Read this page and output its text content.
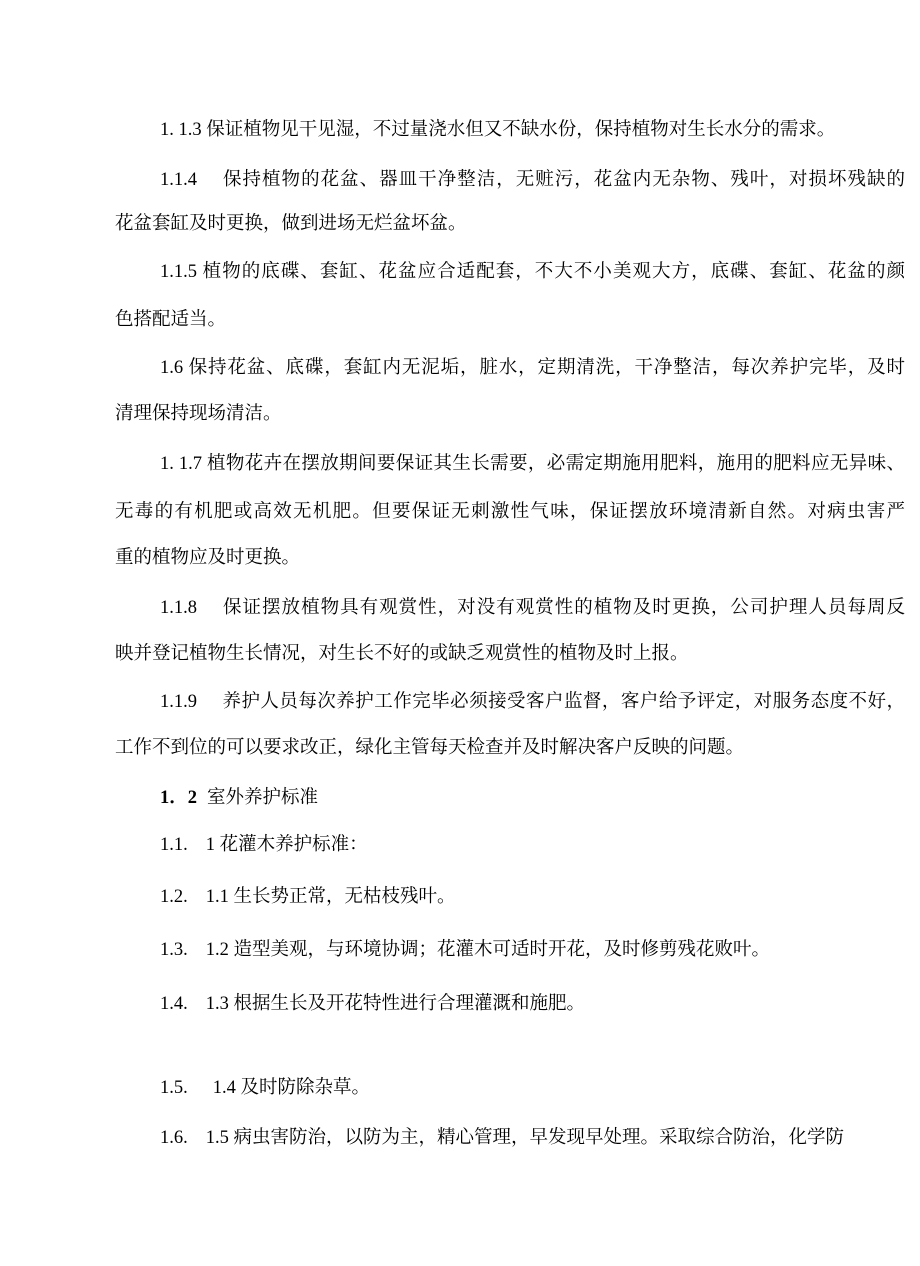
1. 1.3 保证植物见干见湿，不过量浇水但又不缺水份，保持植物对生长水分的需求。
1.1.4 保持植物的花盆、器皿干净整洁，无赃污，花盆内无杂物、残叶，对损坏残缺的
花盆套缸及时更换，做到进场无烂盆坏盆。
1.1.5 植物的底碟、套缸、花盆应合适配套，不大不小美观大方，底碟、套缸、花盆的颜
色搭配适当。
1.6 保持花盆、底碟，套缸内无泥垢，脏水，定期清洗，干净整洁，每次养护完毕，及时
清理保持现场清洁。
1. 1.7 植物花卉在摆放期间要保证其生长需要，必需定期施用肥料，施用的肥料应无异味、
无毒的有机肥或高效无机肥。但要保证无刺激性气味，保证摆放环境清新自然。对病虫害严
重的植物应及时更换。
1.1.8 保证摆放植物具有观赏性，对没有观赏性的植物及时更换，公司护理人员每周反
映并登记植物生长情况，对生长不好的或缺乏观赏性的植物及时上报。
1.1.9 养护人员每次养护工作完毕必须接受客户监督，客户给予评定，对服务态度不好，
工作不到位的可以要求改正，绿化主管每天检查并及时解决客户反映的问题。
1．2 室外养护标准
1.1. 1 花灌木养护标准：
1.2. 1.1 生长势正常，无枯枝残叶。
1.3. 1.2 造型美观，与环境协调；花灌木可适时开花，及时修剪残花败叶。
1.4. 1.3 根据生长及开花特性进行合理灌溉和施肥。
1.5. 1.4 及时防除杂草。
1.6. 1.5 病虫害防治，以防为主，精心管理，早发现早处理。采取综合防治，化学防
